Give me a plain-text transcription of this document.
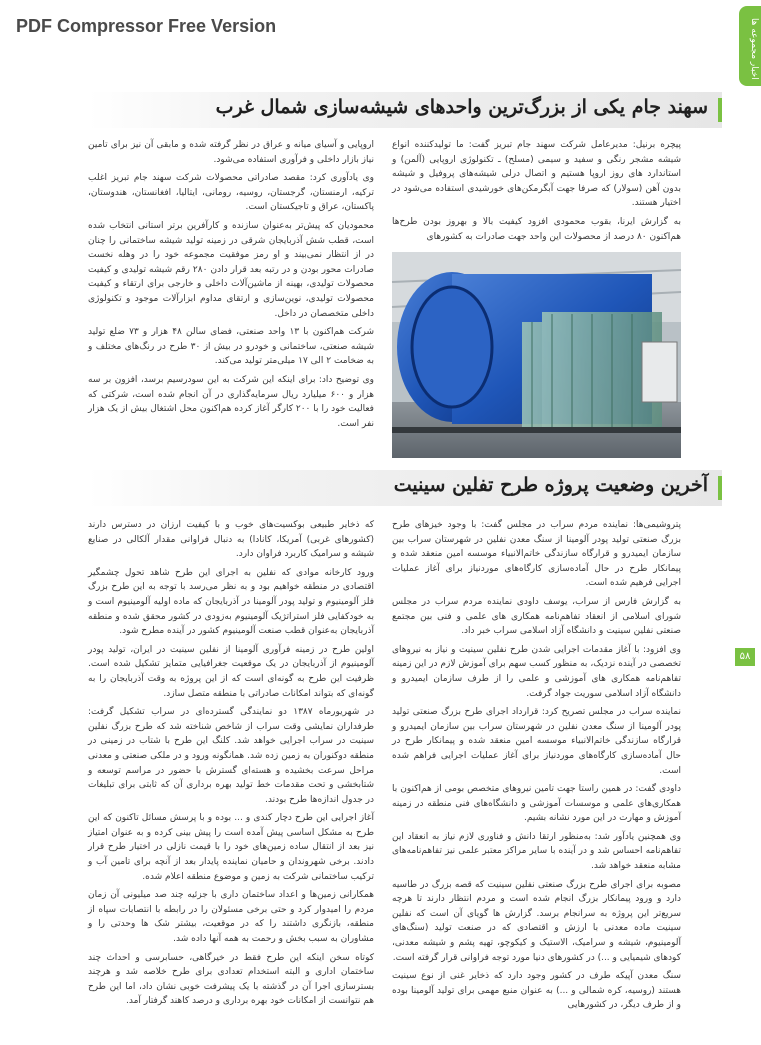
PDF Compressor Free Version	اخبار مجموعه ها
۵۸
سهند جام یکی از بزرگ‌ترین واحدهای شیشه‌سازی شمال غرب

پیچره برنیل: مدیرعامل شرکت سهند جام تبریز گفت: ما تولیدکننده انواع شیشه مشجر رنگی و سفید و سیمی (مسلح) ـ تکنولوژی اروپایی (آلمن) و استاندارد های روز اروپا هستیم و اتصال درلی شیشه‌های پروفیل و شیشه بدون آهن (سولار) که صرفا جهت آبگرمکن‌های خورشیدی استفاده می‌شود در اختیار هستند.

به گزارش ایرنا، بقوب محمودی افزود کیفیت بالا و بهروز بودن طرح‌ها هم‌اکنون ۸۰ درصد از محصولات این واحد جهت صادرات به کشورهای

اروپایی و آسیای میانه و عراق در نظر گرفته شده و مابقی آن نیز برای تامین نیاز بازار داخلی و فرآوری استفاده می‌شود.

وی یادآوری کرد: مقصد صادراتی محصولات شرکت سهند جام تبریز اغلب ترکیه، ارمنستان، گرجستان، روسیه، رومانی، ایتالیا، افغانستان، هندوستان، پاکستان، عراق و تاجیکستان است.

محمودیان که پیش‌تر به‌عنوان سازنده و کارآفرین برتر استانی انتخاب شده است، قطب شش آذربایجان شرقی در زمینه تولید شیشه ساختمانی را چنان در از انتظار نمی‌بیند و او رمز موفقیت مجموعه خود را در وهله نخست صادرات محور بودن و در رتبه بعد قرار دادن ۲۸۰ رقم شیشه تولیدی و کیفیت محصولات تولیدی، بهینه از ماشین‌آلات داخلی و خارجی برای ارتقاء و کیفیت محصولات تولیدی، نوین‌سازی و ارتقای مداوم ابزارآلات موجود و تکنولوژی داخلی متخصصان در داخل.

شرکت هم‌اکنون با ۱۳ واحد صنعتی، فضای سالن ۴۸ هزار و ۷۳ ضلع تولید شیشه صنعتی، ساختمانی و خودرو در بیش از ۳۰ طرح در رنگ‌های مختلف و به ضخامت ۲ الی ۱۷ میلی‌متر تولید می‌کند.

وی توضیح داد: برای اینکه این شرکت به این سودرسیم برسد، افزون بر سه هزار و ۶۰۰ میلیارد ریال سرمایه‌گذاری در آن انجام شده است، شرکتی که فعالیت خود را با ۲۰۰ کارگر آغاز کرده هم‌اکنون محل اشتغال بیش از یک هزار نفر است.

آخرین وضعیت پروژه طرح تفلین سینیت

پتروشیمی‌ها: نماینده مردم سراب در مجلس گفت: با وجود خیزهای طرح بزرگ صنعتی تولید پودر آلومینا از سنگ معدن نفلین در شهرستان سراب بین سازمان ایمیدرو و قرارگاه سازندگی خاتم‌الانبیاء موسسه امین منعقد شده و پیمانکار طرح در حال آماده‌سازی کارگاه‌های موردنیاز برای آغاز عملیات اجرایی فرهیم شده است.

به گزارش فارس از سراب، یوسف داودی نماینده مردم سراب در مجلس شورای اسلامی از انعقاد تفاهم‌نامه همکاری های علمی و فنی بین مجتمع صنعتی نفلین سینیت و دانشگاه آزاد اسلامی سراب خبر داد.

وی افزود: با آغاز مقدمات اجرایی شدن طرح نفلین سینیت و نیاز به نیروهای تخصصی در آینده نزدیک، به منظور کسب سهم برای آموزش لازم در این زمینه تفاهم‌نامه همکاری های آموزشی و علمی را از طرف سازمان ایمیدرو و دانشگاه آزاد اسلامی سوریت جواد گرفت.

نماینده سراب در مجلس تصریح کرد: قرارداد اجرای طرح بزرگ صنعتی تولید پودر آلومینا از سنگ معدن نفلین در شهرستان سراب بین سازمان ایمیدرو و قرارگاه سازندگی خاتم‌الانبیاء موسسه امین منعقد شده و پیمانکار طرح در حال آماده‌سازی کارگاه‌های موردنیاز برای آغاز عملیات اجرایی فراهم شده است.

داودی گفت: در همین راستا جهت تامین نیروهای متخصص بومی از هم‌اکنون با همکاری‌های علمی و موسسات آموزشی و دانشگاه‌های فنی منطقه در زمینه آموزش و مهارت در این مورد نشانه بشیم.

وی همچنین یادآور شد: به‌منظور ارتقا دانش و فناوری لازم نیاز به انعقاد این تفاهم‌نامه احساس شد و در آینده با سایر مراکز معتبر علمی نیز تفاهم‌نامه‌های مشابه منعقد خواهد شد.

مصوبه برای اجرای طرح بزرگ صنعتی نفلین سینیت که قصه بزرگ در طاسیه دارد و ورود پیمانکار بزرگ انجام شده است و مردم انتظار دارند تا هرچه سریع‌تر این پروژه به سرانجام برسد. گزارش ها گویای آن است که نفلین سینیت ماده معدنی با ارزش و اقتصادی که در صنعت تولید (سنگ‌های آلومینیوم، شیشه و سرامیک، الاستیک و کیکوچو، تهیه پشم و شیشه معدنی، کودهای شیمیایی و ...) در کشورهای دنیا مورد توجه فراوانی قرار گرفته است.

سنگ معدن آپیکه طرف در کشور وجود دارد که ذخایر غنی از نوع سینیت هستند (روسیه، کره شمالی و ...) به عنوان منبع مهمی برای تولید آلومینا بوده و از طرف دیگر، در کشورهایی

که ذخایر طبیعی بوکسیت‌های خوب و با کیفیت ارزان در دسترس دارند (کشورهای غربی) آمریکا، کانادا) به دنبال فراوانی مقدار آلکالی در صنایع شیشه و سرامیک کاربرد فراوان دارد.

ورود کارخانه موادی که نفلین به اجرای این طرح شاهد تحول چشمگیر اقتصادی در منطقه خواهیم بود و به نظر می‌رسد با توجه به این طرح بزرگ فلز آلومینیوم و تولید پودر آلومینا در آذربایجان که ماده اولیه آلومینیوم است و به خودکفایی فلز استراتژیک آلومینیوم به‌زودی در کشور محقق شده و منطقه آذربایجان به‌عنوان قطب صنعت آلومینیوم کشور در آینده مطرح شود.

اولین طرح در زمینه فرآوری آلومینا از نفلین سینیت در ایران، تولید پودر آلومینیوم از آذربایجان در یک موقعیت جغرافیایی متمایز تشکیل شده است. ظرفیت این طرح به گونه‌ای است که از این پروژه به وقت آذربایجان را به گونه‌ای که بتواند امکانات صادراتی با منطقه متصل سازد.

در شهریورماه ۱۳۸۷ دو نمایندگی گسترده‌ای در سراب تشکیل گرفت: طرفداران نمایشی وقت سراب از شاخص شناخته شد که طرح بزرگ نفلین سینیت در سراب اجرایی خواهد شد. کلنگ این طرح با شتاب در زمینی در منطقه دوکنوران به زمین زده شد. همانگونه ورود و در ملکی صنعتی و معدنی مراحل سرعت بخشیده و هسته‌ای گسترش با حضور در مراسم توسعه و شتابخشی و تحت مقدمات خط تولید بهره برداری آن که ثابتی برای تبلیغات در جدول اندازه‌ها طرح بودند.

آغاز اجرایی این طرح دچار کندی و ... بوده و با پرسش مسائل تاکنون که این طرح به مشکل اساسی پیش آمده است را پیش بینی کرده و به عنوان امتیاز نیز بعد از انتقال ساده زمین‌های خود را با قیمت نازلی در اختیار طرح قرار دادند. برخی شهروندان و حامیان نماینده پایدار بعد از آنچه برای تامین آب و ترکیب ساختمانی شرکت به زمین و موضوع منطقه اعلام شده.

همکارانی زمین‌ها و اعداد ساختمان داری با جزئیه چند صد میلیونی آن زمان مردم را امیدوار کرد و حتی برخی مسئولان را در رابطه با انتصابات سپاه از منطقه، بازنگری داشتند را که در موقعیت، بیشتر شک ها وحدتی را و مشاوران به سبب بخش و رحمت به همه آنها داده شد.

کوتاه سخن اینکه این طرح فقط در خیرگاهی، حسابرسی و احداث چند ساختمان اداری و البته استخدام تعدادی برای طرح خلاصه شد و هرچند بسترسازی اجرا آن در گذشته با یک پیشرفت خوبی نشان داد، اما این طرح هم نتوانست از امکانات خود بهره برداری و درصد کاهند گرفتار آمد.
